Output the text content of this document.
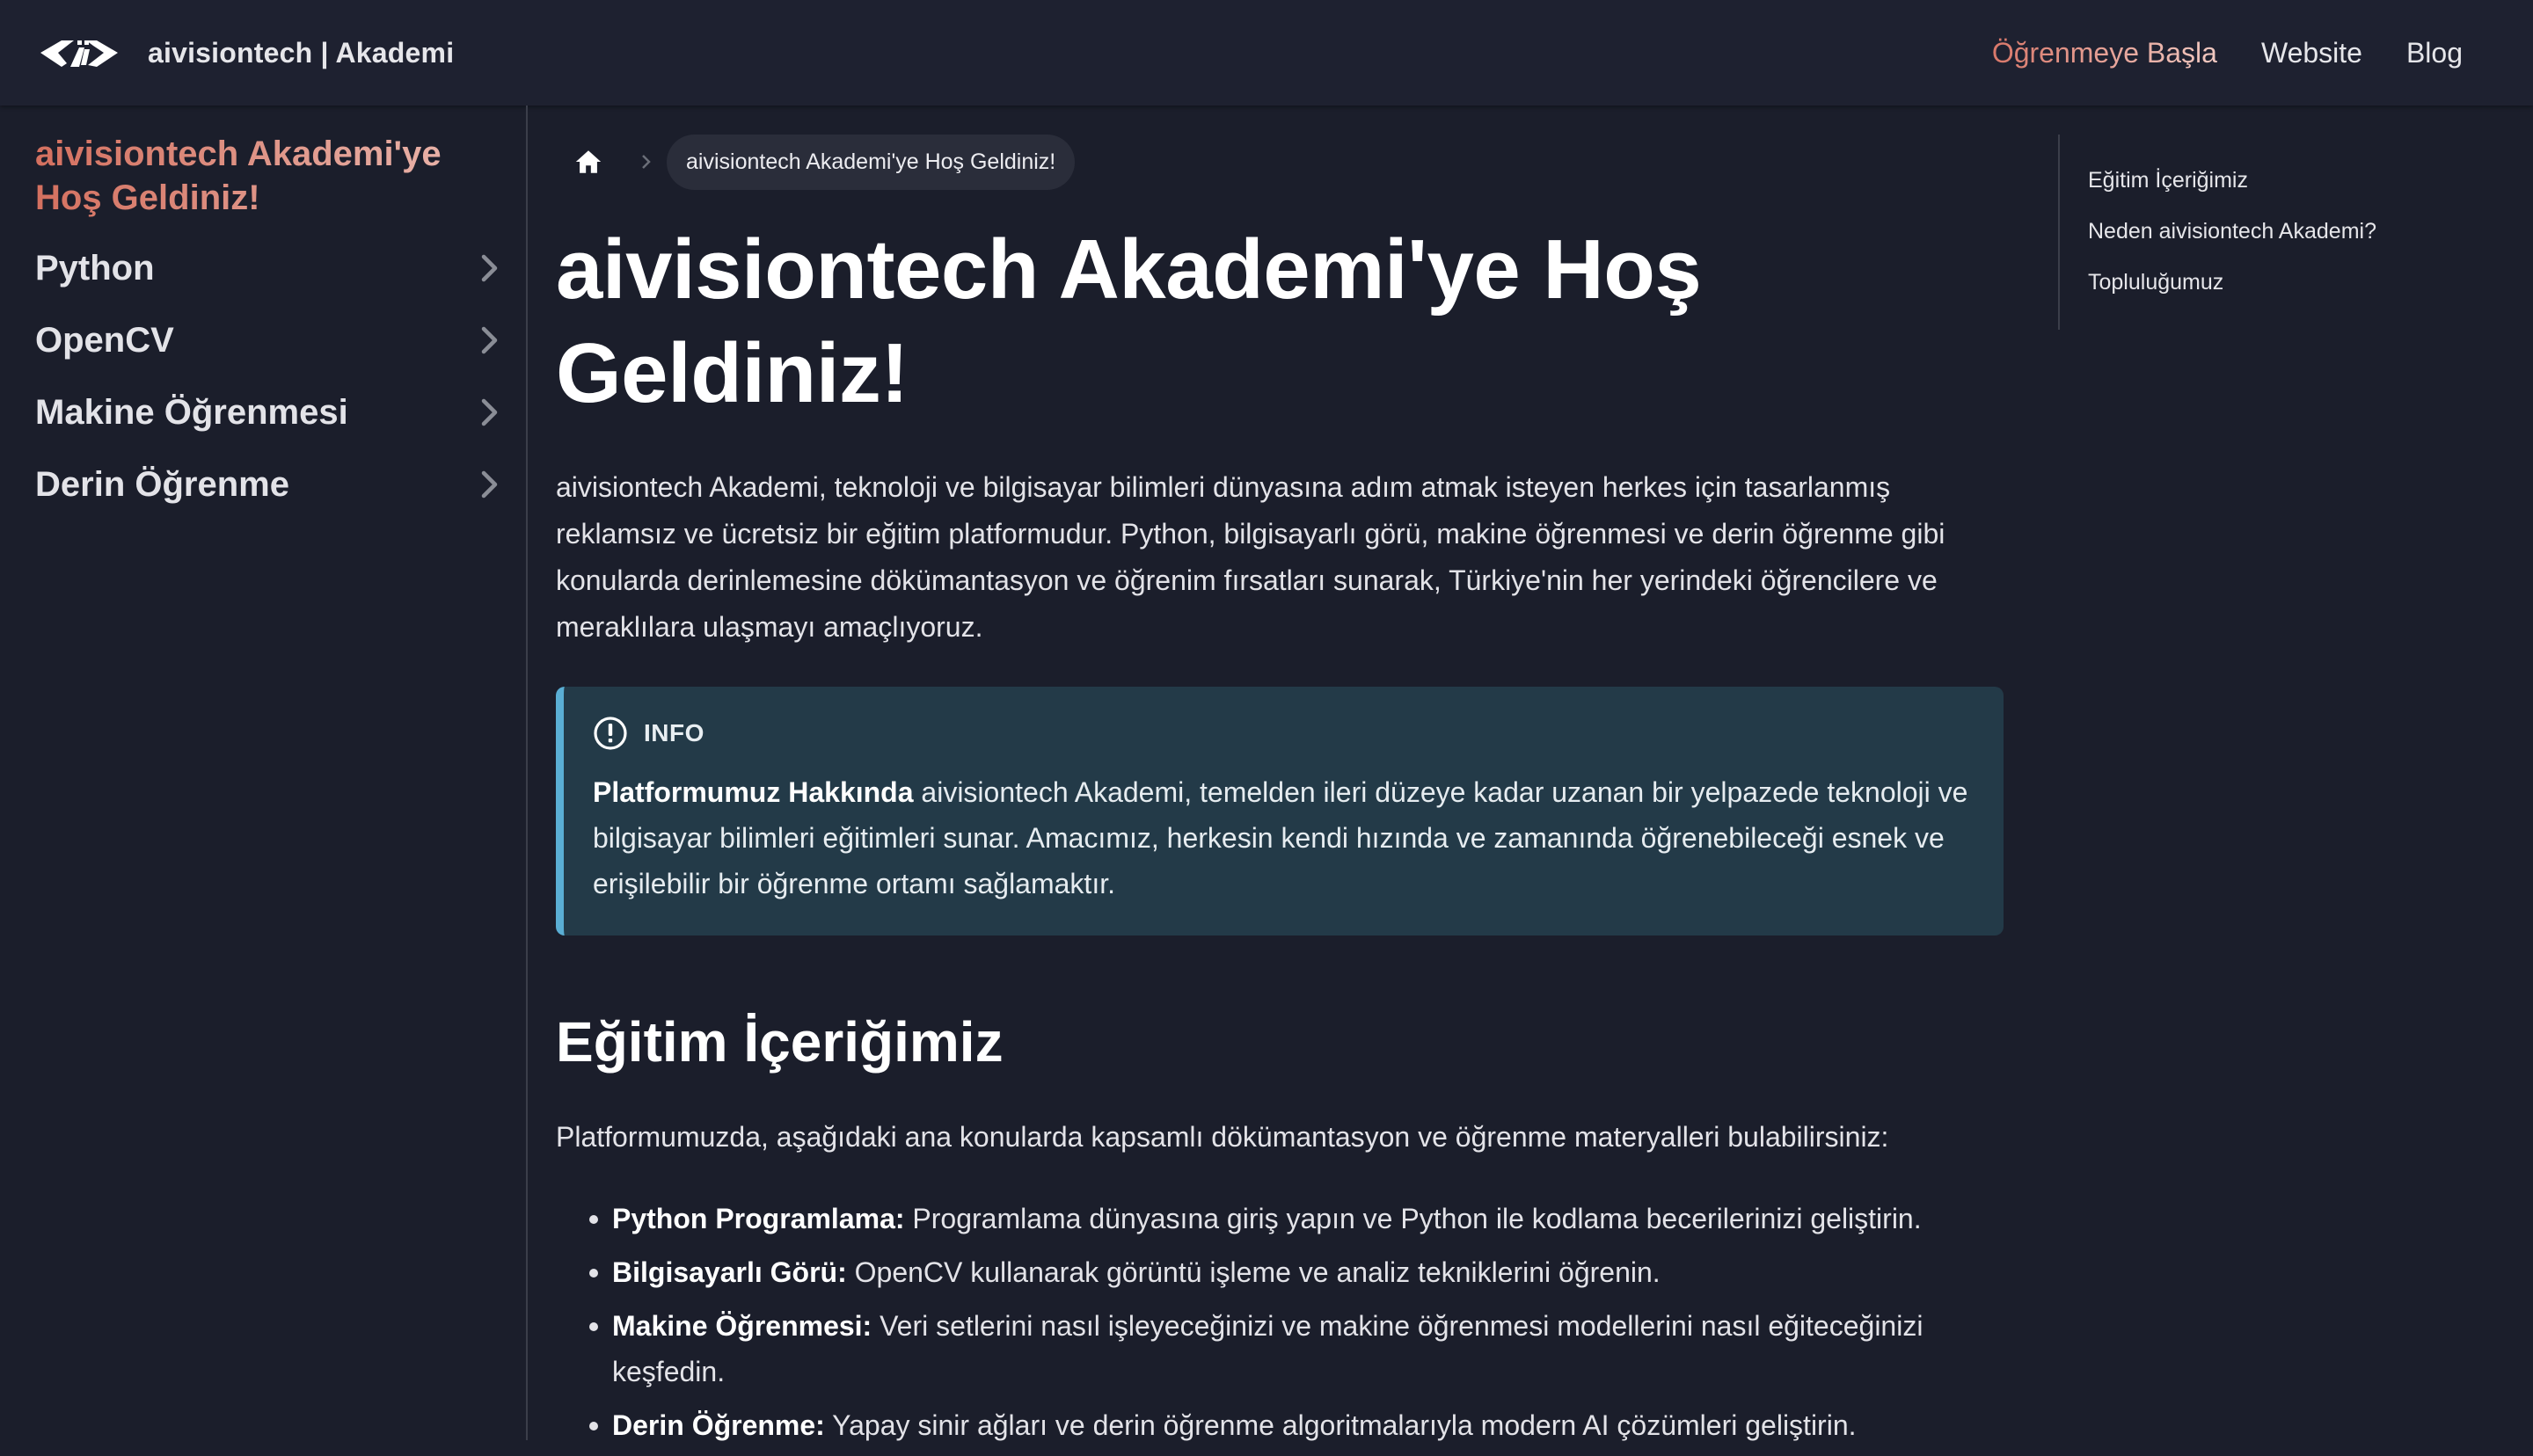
aivisiontech | Akademi	Öğrenmeye Başla Website Blog
aivisiontech Akademi'ye Hoş Geldiniz!
Python
OpenCV
Makine Öğrenmesi
Derin Öğrenme
aivisiontech Akademi'ye Hoş Geldiniz!
aivisiontech Akademi'ye Hoş Geldiniz!

aivisiontech Akademi, teknoloji ve bilgisayar bilimleri dünyasına adım atmak isteyen herkes için tasarlanmış reklamsız ve ücretsiz bir eğitim platformudur. Python, bilgisayarlı görü, makine öğrenmesi ve derin öğrenme gibi konularda derinlemesine dökümantasyon ve öğrenim fırsatları sunarak, Türkiye'nin her yerindeki öğrencilere ve meraklılara ulaşmayı amaçlıyoruz.

INFO
Platformumuz Hakkında aivisiontech Akademi, temelden ileri düzeye kadar uzanan bir yelpazede teknoloji ve bilgisayar bilimleri eğitimleri sunar. Amacımız, herkesin kendi hızında ve zamanında öğrenebileceği esnek ve erişilebilir bir öğrenme ortamı sağlamaktır.
Eğitim İçeriğimiz

Platformumuzda, aşağıdaki ana konularda kapsamlı dökümantasyon ve öğrenme materyalleri bulabilirsiniz:

Python Programlama: Programlama dünyasına giriş yapın ve Python ile kodlama becerilerinizi geliştirin.
Bilgisayarlı Görü: OpenCV kullanarak görüntü işleme ve analiz tekniklerini öğrenin.
Makine Öğrenmesi: Veri setlerini nasıl işleyeceğinizi ve makine öğrenmesi modellerini nasıl eğiteceğinizi keşfedin.
Derin Öğrenme: Yapay sinir ağları ve derin öğrenme algoritmalarıyla modern AI çözümleri geliştirin.
Eğitim İçeriğimiz
Neden aivisiontech Akademi?
Topluluğumuz
